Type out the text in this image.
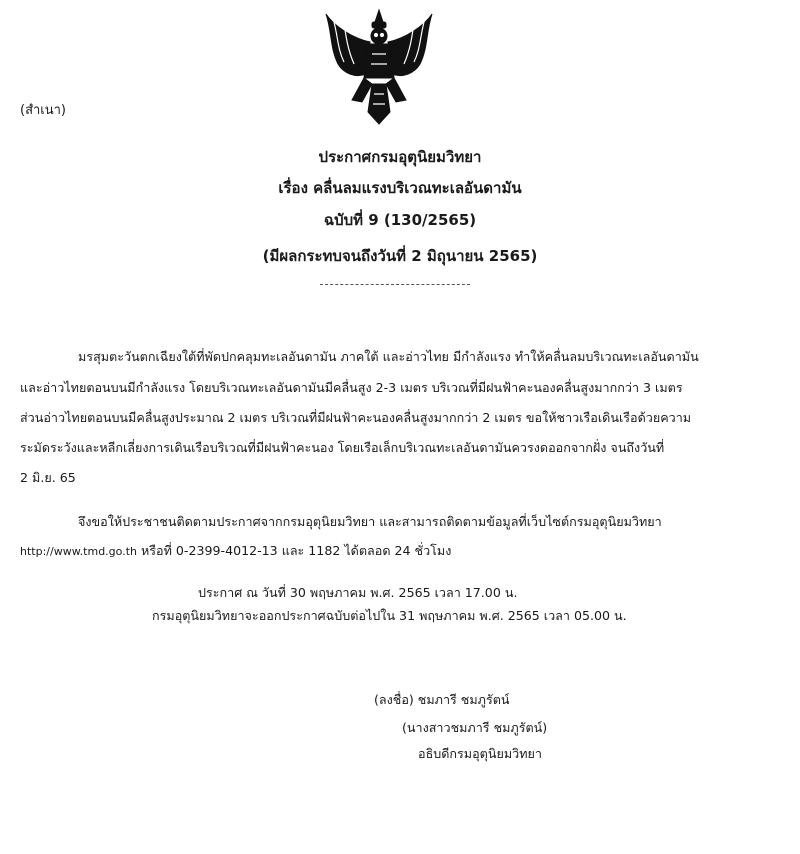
(สำเนา)
ประกาศกรมอุตุนิยมวิทยา
เรื่อง คลื่นลมแรงบริเวณทะเลอันดามัน
ฉบับที่ 9 (130/2565)
(มีผลกระทบจนถึงวันที่ 2 มิถุนายน 2565)
มรสุมตะวันตกเฉียงใต้ที่พัดปกคลุมทะเลอันดามัน ภาคใต้ และอ่าวไทย มีกำลังแรง ทำให้คลื่นลมบริเวณทะเลอันดามัน
และอ่าวไทยตอนบนมีกำลังแรง โดยบริเวณทะเลอันดามันมีคลื่นสูง 2-3 เมตร บริเวณที่มีฝนฟ้าคะนองคลื่นสูงมากกว่า 3 เมตร
ส่วนอ่าวไทยตอนบนมีคลื่นสูงประมาณ 2 เมตร บริเวณที่มีฝนฟ้าคะนองคลื่นสูงมากกว่า 2 เมตร ขอให้ชาวเรือเดินเรือด้วยความ
ระมัดระวังและหลีกเลี่ยงการเดินเรือบริเวณที่มีฝนฟ้าคะนอง โดยเรือเล็กบริเวณทะเลอันดามันควรงดออกจากฝั่ง จนถึงวันที่
2 มิ.ย. 65
จึงขอให้ประชาชนติดตามประกาศจากกรมอุตุนิยมวิทยา และสามารถติดตามข้อมูลที่เว็บไซต์กรมอุตุนิยมวิทยา
http://www.tmd.go.th หรือที่ 0-2399-4012-13 และ 1182 ได้ตลอด 24 ชั่วโมง
ประกาศ ณ วันที่ 30 พฤษภาคม พ.ศ. 2565 เวลา 17.00 น.
กรมอุตุนิยมวิทยาจะออกประกาศฉบับต่อไปใน 31 พฤษภาคม พ.ศ. 2565 เวลา 05.00 น.
(ลงชื่อ) ชมภารี ชมภูรัตน์
(นางสาวชมภารี ชมภูรัตน์)
อธิบดีกรมอุตุนิยมวิทยา
